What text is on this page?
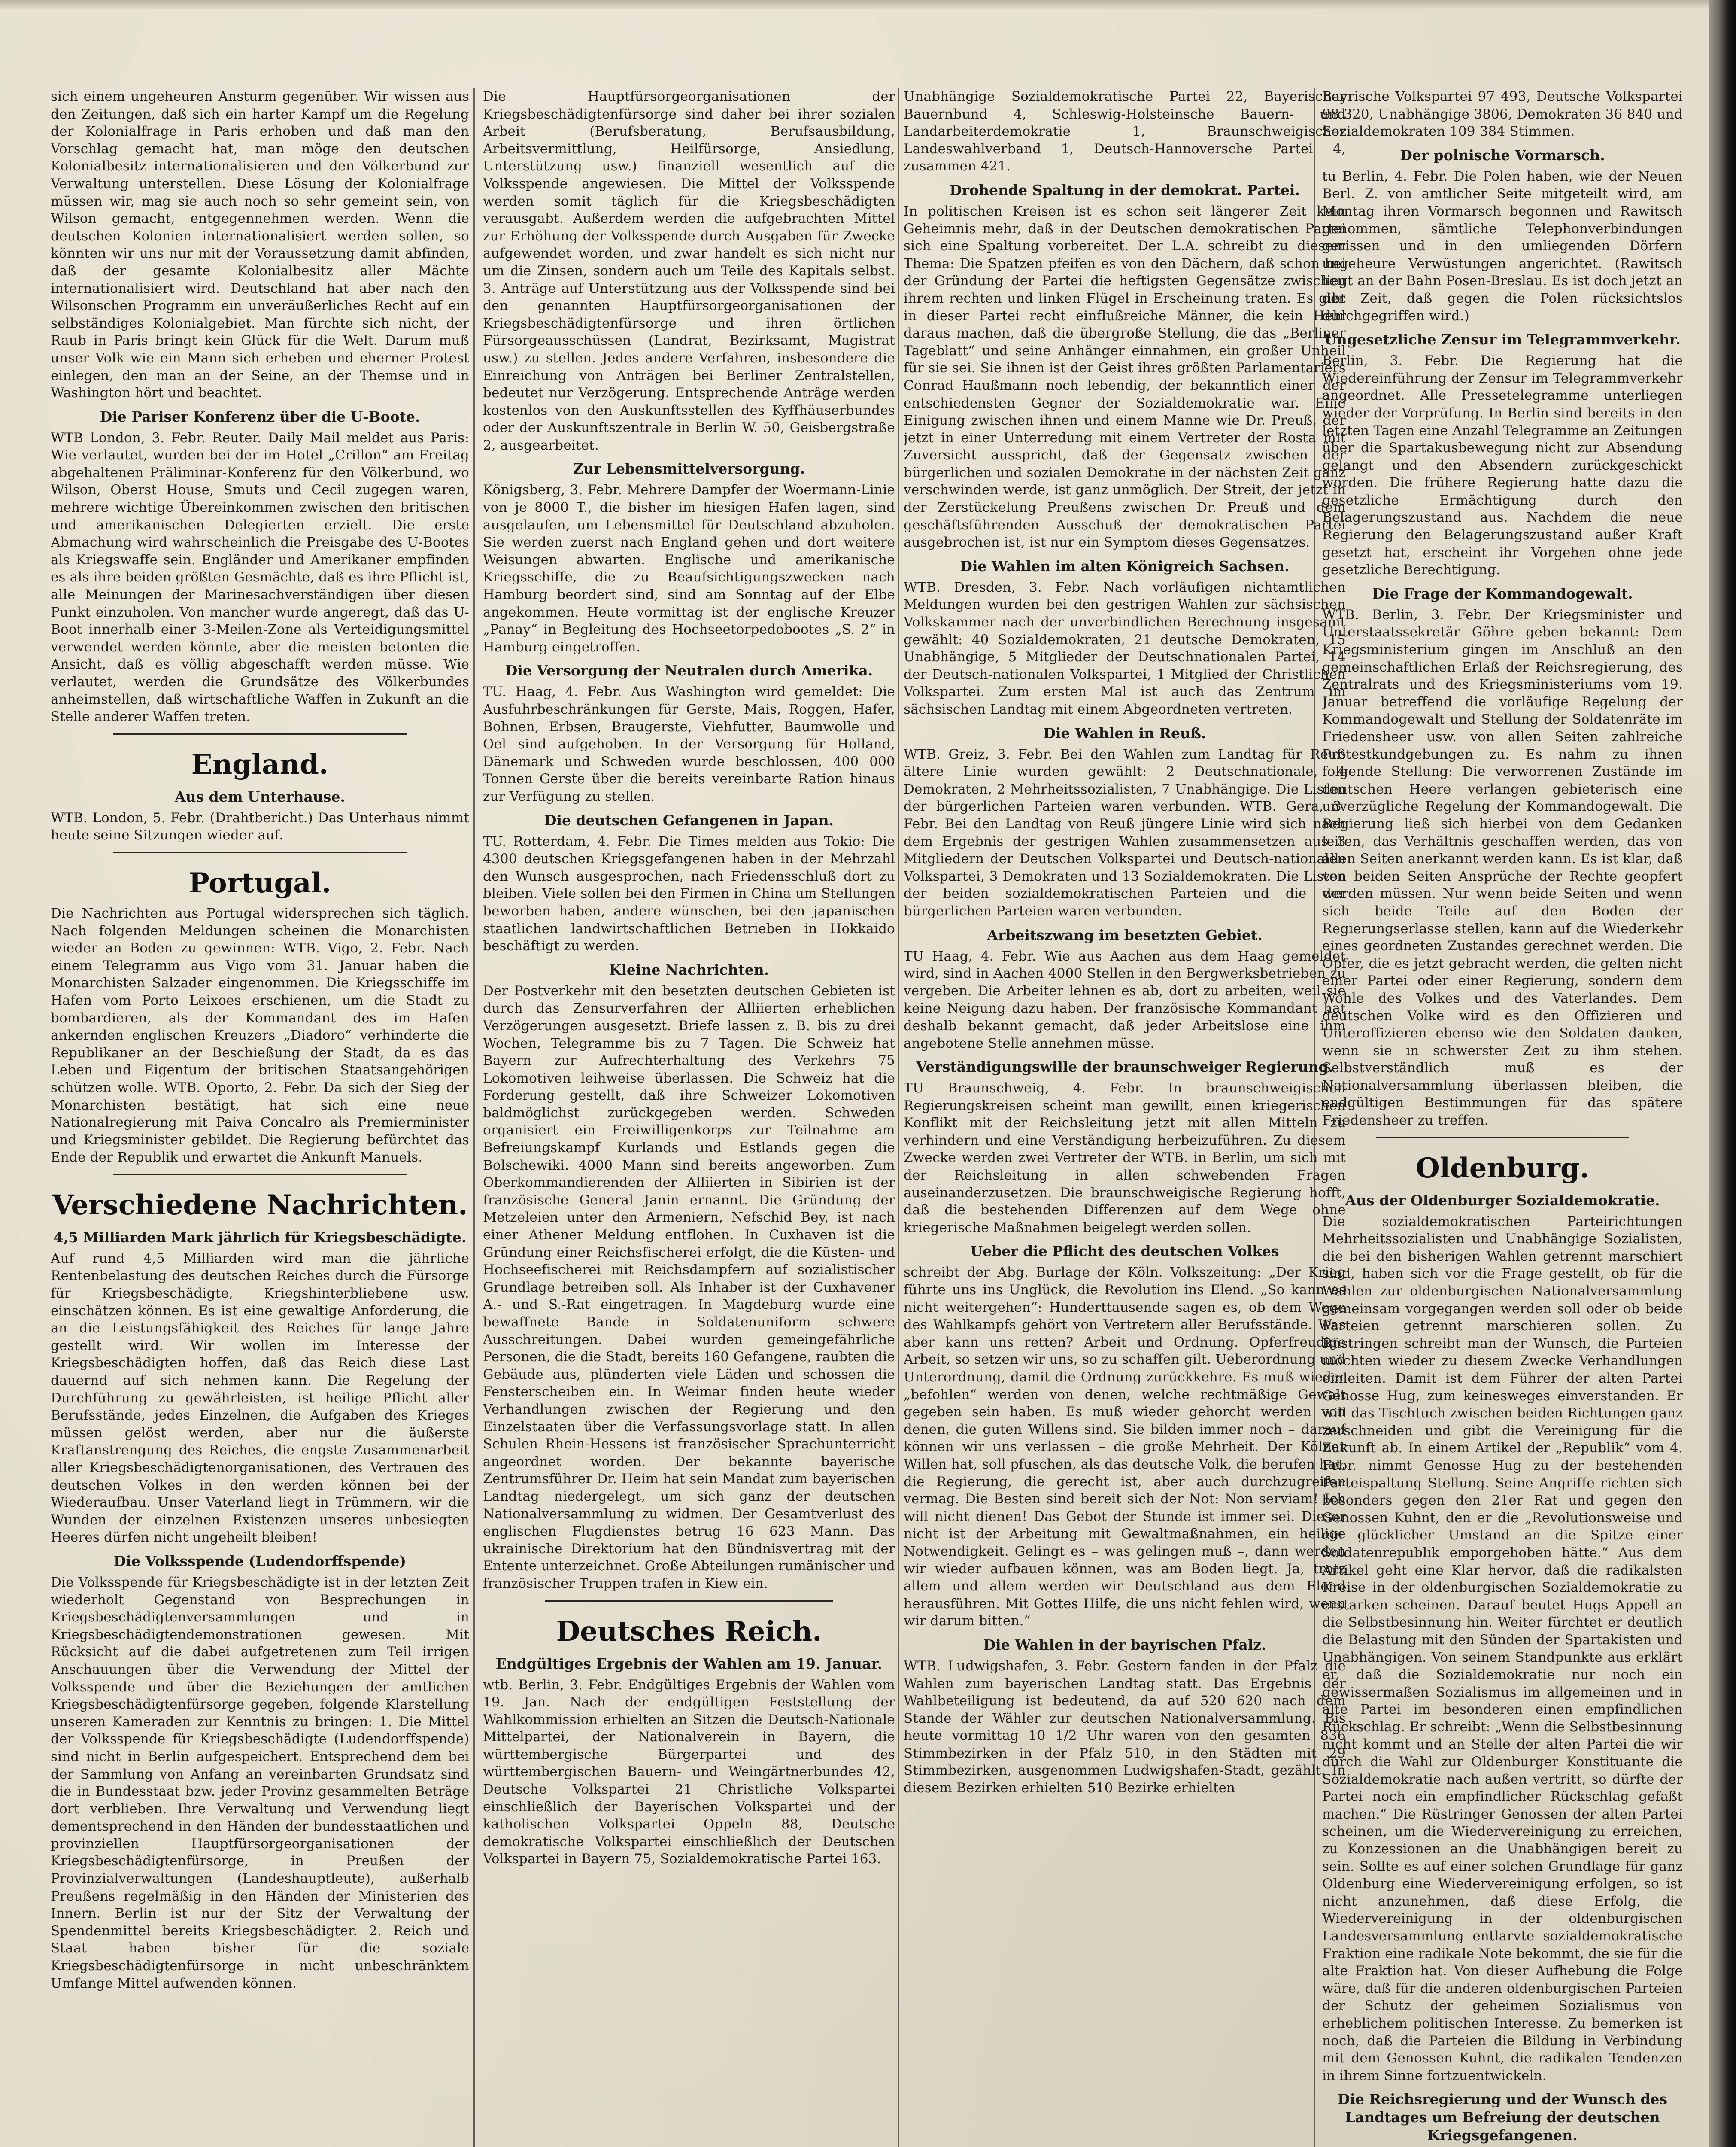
sich einem ungeheuren Ansturm gegenüber. Wir wissen aus den Zeitungen, daß sich ein harter Kampf um die Regelung der Kolonialfrage in Paris erhoben und daß man den Vorschlag gemacht hat, man möge den deutschen Kolonialbesitz internationalisieren und den Völkerbund zur Verwaltung unterstellen. Diese Lösung der Kolonialfrage müssen wir, mag sie auch noch so sehr gemeint sein, von Wilson gemacht, entgegennehmen werden. Wenn die deutschen Kolonien internationalisiert werden sollen, so könnten wir uns nur mit der Voraussetzung damit abfinden, daß der gesamte Kolonialbesitz aller Mächte internationalisiert wird. Deutschland hat aber nach den Wilsonschen Programm ein unveräußerliches Recht auf ein selbständiges Kolonialgebiet. Man fürchte sich nicht, der Raub in Paris bringt kein Glück für die Welt. Darum muß unser Volk wie ein Mann sich erheben und eherner Protest einlegen, den man an der Seine, an der Themse und in Washington hört und beachtet.

Die Pariser Konferenz über die U-Boote.

WTB London, 3. Febr. Reuter. Daily Mail meldet aus Paris: Wie verlautet, wurden bei der im Hotel „Crillon“ am Freitag abgehaltenen Präliminar-Konferenz für den Völkerbund, wo Wilson, Oberst House, Smuts und Cecil zugegen waren, mehrere wichtige Übereinkommen zwischen den britischen und amerikanischen Delegierten erzielt. Die erste Abmachung wird wahrscheinlich die Preisgabe des U-Bootes als Kriegswaffe sein. Engländer und Amerikaner empfinden es als ihre beiden größten Gesmächte, daß es ihre Pflicht ist, alle Meinungen der Marinesachverständigen über diesen Punkt einzuholen. Von mancher wurde angeregt, daß das U-Boot innerhalb einer 3-Meilen-Zone als Verteidigungsmittel verwendet werden könnte, aber die meisten betonten die Ansicht, daß es völlig abgeschafft werden müsse. Wie verlautet, werden die Grundsätze des Völkerbundes anheimstellen, daß wirtschaftliche Waffen in Zukunft an die Stelle anderer Waffen treten.

England.
Aus dem Unterhause.

WTB. London, 5. Febr. (Drahtbericht.) Das Unterhaus nimmt heute seine Sitzungen wieder auf.

Portugal.

Die Nachrichten aus Portugal widersprechen sich täglich. Nach folgenden Meldungen scheinen die Monarchisten wieder an Boden zu gewinnen: WTB. Vigo, 2. Febr. Nach einem Telegramm aus Vigo vom 31. Januar haben die Monarchisten Salzader eingenommen. Die Kriegsschiffe im Hafen vom Porto Leixoes erschienen, um die Stadt zu bombardieren, als der Kommandant des im Hafen ankernden englischen Kreuzers „Diadoro“ verhinderte die Republikaner an der Beschießung der Stadt, da es das Leben und Eigentum der britischen Staatsangehörigen schützen wolle. WTB. Oporto, 2. Febr. Da sich der Sieg der Monarchisten bestätigt, hat sich eine neue Nationalregierung mit Paiva Concalro als Premierminister und Kriegsminister gebildet. Die Regierung befürchtet das Ende der Republik und erwartet die Ankunft Manuels.

Verschiedene Nachrichten.
4,5 Milliarden Mark jährlich für Kriegsbeschädigte.

Auf rund 4,5 Milliarden wird man die jährliche Rentenbelastung des deutschen Reiches durch die Fürsorge für Kriegsbeschädigte, Kriegshinterbliebene usw. einschätzen können. Es ist eine gewaltige Anforderung, die an die Leistungsfähigkeit des Reiches für lange Jahre gestellt wird. Wir wollen im Interesse der Kriegsbeschädigten hoffen, daß das Reich diese Last dauernd auf sich nehmen kann. Die Regelung der Durchführung zu gewährleisten, ist heilige Pflicht aller Berufsstände, jedes Einzelnen, die Aufgaben des Krieges müssen gelöst werden, aber nur die äußerste Kraftanstrengung des Reiches, die engste Zusammenarbeit aller Kriegsbeschädigtenorganisationen, des Vertrauen des deutschen Volkes in den werden können bei der Wiederaufbau. Unser Vaterland liegt in Trümmern, wir die Wunden der einzelnen Existenzen unseres unbesiegten Heeres dürfen nicht ungeheilt bleiben!

Die Volksspende (Ludendorffspende)

Die Volksspende für Kriegsbeschädigte ist in der letzten Zeit wiederholt Gegenstand von Besprechungen in Kriegsbeschädigtenversammlungen und in Kriegsbeschädigtendemonstrationen gewesen. Mit Rücksicht auf die dabei aufgetretenen zum Teil irrigen Anschauungen über die Verwendung der Mittel der Volksspende und über die Beziehungen der amtlichen Kriegsbeschädigtenfürsorge gegeben, folgende Klarstellung unseren Kameraden zur Kenntnis zu bringen: 1. Die Mittel der Volksspende für Kriegsbeschädigte (Ludendorffspende) sind nicht in Berlin aufgespeichert. Entsprechend dem bei der Sammlung von Anfang an vereinbarten Grundsatz sind die in Bundesstaat bzw. jeder Provinz gesammelten Beträge dort verblieben. Ihre Verwaltung und Verwendung liegt dementsprechend in den Händen der bundesstaatlichen und provinziellen Hauptfürsorgeorganisationen der Kriegsbeschädigtenfürsorge, in Preußen der Provinzialverwaltungen (Landeshauptleute), außerhalb Preußens regelmäßig in den Händen der Ministerien des Innern. Berlin ist nur der Sitz der Verwaltung der Spendenmittel bereits Kriegsbeschädigter. 2. Reich und Staat haben bisher für die soziale Kriegsbeschädigtenfürsorge in nicht unbeschränktem Umfange Mittel aufwenden können.

Die Hauptfürsorgeorganisationen der Kriegsbeschädigtenfürsorge sind daher bei ihrer sozialen Arbeit (Berufsberatung, Berufsausbildung, Arbeitsvermittlung, Heilfürsorge, Ansiedlung, Unterstützung usw.) finanziell wesentlich auf die Volksspende angewiesen. Die Mittel der Volksspende werden somit täglich für die Kriegsbeschädigten verausgabt. Außerdem werden die aufgebrachten Mittel zur Erhöhung der Volksspende durch Ausgaben für Zwecke aufgewendet worden, und zwar handelt es sich nicht nur um die Zinsen, sondern auch um Teile des Kapitals selbst. 3. Anträge auf Unterstützung aus der Volksspende sind bei den genannten Hauptfürsorgeorganisationen der Kriegsbeschädigtenfürsorge und ihren örtlichen Fürsorgeausschüssen (Landrat, Bezirksamt, Magistrat usw.) zu stellen. Jedes andere Verfahren, insbesondere die Einreichung von Anträgen bei Berliner Zentralstellen, bedeutet nur Verzögerung. Entsprechende Anträge werden kostenlos von den Auskunftsstellen des Kyffhäuserbundes oder der Auskunftszentrale in Berlin W. 50, Geisbergstraße 2, ausgearbeitet.

Zur Lebensmittelversorgung.

Königsberg, 3. Febr. Mehrere Dampfer der Woermann-Linie von je 8000 T., die bisher im hiesigen Hafen lagen, sind ausgelaufen, um Lebensmittel für Deutschland abzuholen. Sie werden zuerst nach England gehen und dort weitere Weisungen abwarten. Englische und amerikanische Kriegsschiffe, die zu Beaufsichtigungszwecken nach Hamburg beordert sind, sind am Sonntag auf der Elbe angekommen. Heute vormittag ist der englische Kreuzer „Panay“ in Begleitung des Hochseetorpedobootes „S. 2“ in Hamburg eingetroffen.

Die Versorgung der Neutralen durch Amerika.

TU. Haag, 4. Febr. Aus Washington wird gemeldet: Die Ausfuhrbeschränkungen für Gerste, Mais, Roggen, Hafer, Bohnen, Erbsen, Braugerste, Viehfutter, Baumwolle und Oel sind aufgehoben. In der Versorgung für Holland, Dänemark und Schweden wurde beschlossen, 400 000 Tonnen Gerste über die bereits vereinbarte Ration hinaus zur Verfügung zu stellen.

Die deutschen Gefangenen in Japan.

TU. Rotterdam, 4. Febr. Die Times melden aus Tokio: Die 4300 deutschen Kriegsgefangenen haben in der Mehrzahl den Wunsch ausgesprochen, nach Friedensschluß dort zu bleiben. Viele sollen bei den Firmen in China um Stellungen beworben haben, andere wünschen, bei den japanischen staatlichen landwirtschaftlichen Betrieben in Hokkaido beschäftigt zu werden.

Kleine Nachrichten.

Der Postverkehr mit den besetzten deutschen Gebieten ist durch das Zensurverfahren der Alliierten erheblichen Verzögerungen ausgesetzt. Briefe lassen z. B. bis zu drei Wochen, Telegramme bis zu 7 Tagen. Die Schweiz hat Bayern zur Aufrechterhaltung des Verkehrs 75 Lokomotiven leihweise überlassen. Die Schweiz hat die Forderung gestellt, daß ihre Schweizer Lokomotiven baldmöglichst zurückgegeben werden. Schweden organisiert ein Freiwilligenkorps zur Teilnahme am Befreiungskampf Kurlands und Estlands gegen die Bolschewiki. 4000 Mann sind bereits angeworben. Zum Oberkommandierenden der Alliierten in Sibirien ist der französische General Janin ernannt. Die Gründung der Metzeleien unter den Armeniern, Nefschid Bey, ist nach einer Athener Meldung entflohen. In Cuxhaven ist die Gründung einer Reichsfischerei erfolgt, die die Küsten- und Hochseefischerei mit Reichsdampfern auf sozialistischer Grundlage betreiben soll. Als Inhaber ist der Cuxhavener A.- und S.-Rat eingetragen. In Magdeburg wurde eine bewaffnete Bande in Soldatenuniform schwere Ausschreitungen. Dabei wurden gemeingefährliche Personen, die die Stadt, bereits 160 Gefangene, raubten die Gebäude aus, plünderten viele Läden und schossen die Fensterscheiben ein. In Weimar finden heute wieder Verhandlungen zwischen der Regierung und den Einzelstaaten über die Verfassungsvorlage statt. In allen Schulen Rhein-Hessens ist französischer Sprachunterricht angeordnet worden. Der bekannte bayerische Zentrumsführer Dr. Heim hat sein Mandat zum bayerischen Landtag niedergelegt, um sich ganz der deutschen Nationalversammlung zu widmen. Der Gesamtverlust des englischen Flugdienstes betrug 16 623 Mann. Das ukrainische Direktorium hat den Bündnisvertrag mit der Entente unterzeichnet. Große Abteilungen rumänischer und französischer Truppen trafen in Kiew ein.

Deutsches Reich.
Endgültiges Ergebnis der Wahlen am 19. Januar.

wtb. Berlin, 3. Febr. Endgültiges Ergebnis der Wahlen vom 19. Jan. Nach der endgültigen Feststellung der Wahlkommission erhielten an Sitzen die Deutsch-Nationale Mittelpartei, der Nationalverein in Bayern, die württembergische Bürgerpartei und des württembergischen Bauern- und Weingärtnerbundes 42, Deutsche Volkspartei 21 Christliche Volkspartei einschließlich der Bayerischen Volkspartei und der katholischen Volkspartei Oppeln 88, Deutsche demokratische Volkspartei einschließlich der Deutschen Volkspartei in Bayern 75, Sozialdemokratische Partei 163.

Unabhängige Sozialdemokratische Partei 22, Bayerischer Bauernbund 4, Schleswig-Holsteinsche Bauern- und Landarbeiterdemokratie 1, Braunschweigischer Landeswahlverband 1, Deutsch-Hannoversche Partei 4, zusammen 421.

Drohende Spaltung in der demokrat. Partei.

In politischen Kreisen ist es schon seit längerer Zeit kein Geheimnis mehr, daß in der Deutschen demokratischen Partei sich eine Spaltung vorbereitet. Der L.A. schreibt zu diesem Thema: Die Spatzen pfeifen es von den Dächern, daß schon bei der Gründung der Partei die heftigsten Gegensätze zwischen ihrem rechten und linken Flügel in Erscheinung traten. Es gibt in dieser Partei recht einflußreiche Männer, die kein Hehl daraus machen, daß die übergroße Stellung, die das „Berliner Tageblatt“ und seine Anhänger einnahmen, ein großer Unheil für sie sei. Sie ihnen ist der Geist ihres größten Parlamentariers Conrad Haußmann noch lebendig, der bekanntlich einer der entschiedensten Gegner der Sozialdemokratie war. Eine Einigung zwischen ihnen und einem Manne wie Dr. Preuß, der jetzt in einer Unterredung mit einem Vertreter der Rosta mit Zuversicht ausspricht, daß der Gegensatz zwischen der bürgerlichen und sozialen Demokratie in der nächsten Zeit ganz verschwinden werde, ist ganz unmöglich. Der Streit, der jetzt in der Zerstückelung Preußens zwischen Dr. Preuß und dem geschäftsführenden Ausschuß der demokratischen Partei ausgebrochen ist, ist nur ein Symptom dieses Gegensatzes.

Die Wahlen im alten Königreich Sachsen.

WTB. Dresden, 3. Febr. Nach vorläufigen nichtamtlichen Meldungen wurden bei den gestrigen Wahlen zur sächsischen Volkskammer nach der unverbindlichen Berechnung insgesamt gewählt: 40 Sozialdemokraten, 21 deutsche Demokraten, 15 Unabhängige, 5 Mitglieder der Deutschnationalen Partei, 14 der Deutsch-nationalen Volkspartei, 1 Mitglied der Christlichen Volkspartei. Zum ersten Mal ist auch das Zentrum im sächsischen Landtag mit einem Abgeordneten vertreten.

Die Wahlen in Reuß.

WTB. Greiz, 3. Febr. Bei den Wahlen zum Landtag für Reuß ältere Linie wurden gewählt: 2 Deutschnationale, 4 Demokraten, 2 Mehrheitssozialisten, 7 Unabhängige. Die Listen der bürgerlichen Parteien waren verbunden. WTB. Gera, 3. Febr. Bei den Landtag von Reuß jüngere Linie wird sich nach dem Ergebnis der gestrigen Wahlen zusammensetzen aus 3 Mitgliedern der Deutschen Volkspartei und Deutsch-nationalen Volkspartei, 3 Demokraten und 13 Sozialdemokraten. Die Listen der beiden sozialdemokratischen Parteien und die der bürgerlichen Parteien waren verbunden.

Arbeitszwang im besetzten Gebiet.

TU Haag, 4. Febr. Wie aus Aachen aus dem Haag gemeldet wird, sind in Aachen 4000 Stellen in den Bergwerksbetrieben zu vergeben. Die Arbeiter lehnen es ab, dort zu arbeiten, weil sie keine Neigung dazu haben. Der französische Kommandant hat deshalb bekannt gemacht, daß jeder Arbeitslose eine ihm angebotene Stelle annehmen müsse.

Verständigungswille der braunschweiger Regierung.

TU Braunschweig, 4. Febr. In braunschweigischen Regierungskreisen scheint man gewillt, einen kriegerischen Konflikt mit der Reichsleitung jetzt mit allen Mitteln zu verhindern und eine Verständigung herbeizuführen. Zu diesem Zwecke werden zwei Vertreter der WTB. in Berlin, um sich mit der Reichsleitung in allen schwebenden Fragen auseinanderzusetzen. Die braunschweigische Regierung hofft, daß die bestehenden Differenzen auf dem Wege ohne kriegerische Maßnahmen beigelegt werden sollen.

Ueber die Pflicht des deutschen Volkes

schreibt der Abg. Burlage der Köln. Volkszeitung: „Der Krieg führte uns ins Unglück, die Revolution ins Elend. „So kann es nicht weitergehen“: Hunderttausende sagen es, ob dem Wege des Wahlkampfs gehört von Vertretern aller Berufsstände. Was aber kann uns retten? Arbeit und Ordnung. Opferfreudige Arbeit, so setzen wir uns, so zu schaffen gilt. Ueberordnung und Unterordnung, damit die Ordnung zurückkehre. Es muß wieder „befohlen“ werden von denen, welche rechtmäßige Gewalt gegeben sein haben. Es muß wieder gehorcht werden von denen, die guten Willens sind. Sie bilden immer noch – darauf können wir uns verlassen – die große Mehrheit. Der Kölner Willen hat, soll pfuschen, als das deutsche Volk, die berufen hat, die Regierung, die gerecht ist, aber auch durchzugreifen vermag. Die Besten sind bereit sich der Not: Non serviam! Ich will nicht dienen! Das Gebot der Stunde ist immer sei. Dieser nicht ist der Arbeitung mit Gewaltmaßnahmen, ein heilige Notwendigkeit. Gelingt es – was gelingen muß –, dann werden wir wieder aufbauen können, was am Boden liegt. Ja, trotz allem und allem werden wir Deutschland aus dem Elend herausführen. Mit Gottes Hilfe, die uns nicht fehlen wird, wenn wir darum bitten.“

Die Wahlen in der bayrischen Pfalz.

WTB. Ludwigshafen, 3. Febr. Gestern fanden in der Pfalz die Wahlen zum bayerischen Landtag statt. Das Ergebnis der Wahlbeteiligung ist bedeutend, da auf 520 620 nach dem Stande der Wähler zur deutschen Nationalversammlung. Bis heute vormittag 10 1/2 Uhr waren von den gesamten 836 Stimmbezirken in der Pfalz 510, in den Städten mit 29 Stimmbezirken, ausgenommen Ludwigshafen-Stadt, gezählt. In diesem Bezirken erhielten 510 Bezirke erhielten

Bayrische Volkspartei 97 493, Deutsche Volkspartei 98 320, Unabhängige 3806, Demokraten 36 840 und Sozialdemokraten 109 384 Stimmen.

Der polnische Vormarsch.

tu Berlin, 4. Febr. Die Polen haben, wie der Neuen Berl. Z. von amtlicher Seite mitgeteilt wird, am Montag ihren Vormarsch begonnen und Rawitsch genommen, sämtliche Telephonverbindungen gerissen und in den umliegenden Dörfern ungeheure Verwüstungen angerichtet. (Rawitsch liegt an der Bahn Posen-Breslau. Es ist doch jetzt an der Zeit, daß gegen die Polen rücksichtslos durchgegriffen wird.)

Ungesetzliche Zensur im Telegrammverkehr.

Berlin, 3. Febr. Die Regierung hat die Wiedereinführung der Zensur im Telegrammverkehr angeordnet. Alle Pressetelegramme unterliegen wieder der Vorprüfung. In Berlin sind bereits in den letzten Tagen eine Anzahl Telegramme an Zeitungen über die Spartakusbewegung nicht zur Absendung gelangt und den Absendern zurückgeschickt worden. Die frühere Regierung hatte dazu die gesetzliche Ermächtigung durch den Belagerungszustand aus. Nachdem die neue Regierung den Belagerungszustand außer Kraft gesetzt hat, erscheint ihr Vorgehen ohne jede gesetzliche Berechtigung.

Die Frage der Kommandogewalt.

WTB. Berlin, 3. Febr. Der Kriegsminister und Unterstaatssekretär Göhre geben bekannt: Dem Kriegsministerium gingen im Anschluß an den gemeinschaftlichen Erlaß der Reichsregierung, des Zentralrats und des Kriegsministeriums vom 19. Januar betreffend die vorläufige Regelung der Kommandogewalt und Stellung der Soldatenräte im Friedensheer usw. von allen Seiten zahlreiche Protestkundgebungen zu. Es nahm zu ihnen folgende Stellung: Die verworrenen Zustände im deutschen Heere verlangen gebieterisch eine unverzügliche Regelung der Kommandogewalt. Die Regierung ließ sich hierbei von dem Gedanken leiten, das Verhältnis geschaffen werden, das von allen Seiten anerkannt werden kann. Es ist klar, daß von beiden Seiten Ansprüche der Rechte geopfert werden müssen. Nur wenn beide Seiten und wenn sich beide Teile auf den Boden der Regierungserlasse stellen, kann auf die Wiederkehr eines geordneten Zustandes gerechnet werden. Die Opfer, die es jetzt gebracht werden, die gelten nicht einer Partei oder einer Regierung, sondern dem Wohle des Volkes und des Vaterlandes. Dem deutschen Volke wird es den Offizieren und Unteroffizieren ebenso wie den Soldaten danken, wenn sie in schwerster Zeit zu ihm stehen. Selbstverständlich muß es der Nationalversammlung überlassen bleiben, die endgültigen Bestimmungen für das spätere Friedensheer zu treffen.

Oldenburg.
Aus der Oldenburger Sozialdemokratie.

Die sozialdemokratischen Parteirichtungen Mehrheitssozialisten und Unabhängige Sozialisten, die bei den bisherigen Wahlen getrennt marschiert sind, haben sich vor die Frage gestellt, ob für die Wahlen zur oldenburgischen Nationalversammlung gemeinsam vorgegangen werden soll oder ob beide Parteien getrennt marschieren sollen. Zu Rüstringen schreibt man der Wunsch, die Parteien möchten wieder zu diesem Zwecke Verhandlungen einleiten. Damit ist dem Führer der alten Partei Genosse Hug, zum keinesweges einverstanden. Er will das Tischtuch zwischen beiden Richtungen ganz zerschneiden und gibt die Vereinigung für die Zukunft ab. In einem Artikel der „Republik“ vom 4. Febr. nimmt Genosse Hug zu der bestehenden Parteispaltung Stellung. Seine Angriffe richten sich besonders gegen den 21er Rat und gegen den Genossen Kuhnt, den er die „Revolutionsweise und ein glücklicher Umstand an die Spitze einer Soldatenrepublik emporgehoben hätte.“ Aus dem Artikel geht eine Klar hervor, daß die radikalsten Kreise in der oldenburgischen Sozialdemokratie zu erstarken scheinen. Darauf beutet Hugs Appell an die Selbstbesinnung hin. Weiter fürchtet er deutlich die Belastung mit den Sünden der Spartakisten und Unabhängigen. Von seinem Standpunkte aus erklärt er, daß die Sozialdemokratie nur noch ein gewissermaßen Sozialismus im allgemeinen und in alte Partei im besonderen einen empfindlichen Rückschlag. Er schreibt: „Wenn die Selbstbesinnung nicht kommt und an Stelle der alten Partei die wir durch die Wahl zur Oldenburger Konstituante die Sozialdemokratie nach außen vertritt, so dürfte der Partei noch ein empfindlicher Rückschlag gefaßt machen.“ Die Rüstringer Genossen der alten Partei scheinen, um die Wiedervereinigung zu erreichen, zu Konzessionen an die Unabhängigen bereit zu sein. Sollte es auf einer solchen Grundlage für ganz Oldenburg eine Wiedervereinigung erfolgen, so ist nicht anzunehmen, daß diese Erfolg, die Wiedervereinigung in der oldenburgischen Landesversammlung entlarvte sozialdemokratische Fraktion eine radikale Note bekommt, die sie für die alte Fraktion hat. Von dieser Aufhebung die Folge wäre, daß für die anderen oldenburgischen Parteien der Schutz der geheimen Sozialismus von erheblichem politischen Interesse. Zu bemerken ist noch, daß die Parteien die Bildung in Verbindung mit dem Genossen Kuhnt, die radikalen Tendenzen in ihrem Sinne fortzuentwickeln.

Die Reichsregierung und der Wunsch des Landtages um Befreiung der deutschen Kriegsgefangenen.
